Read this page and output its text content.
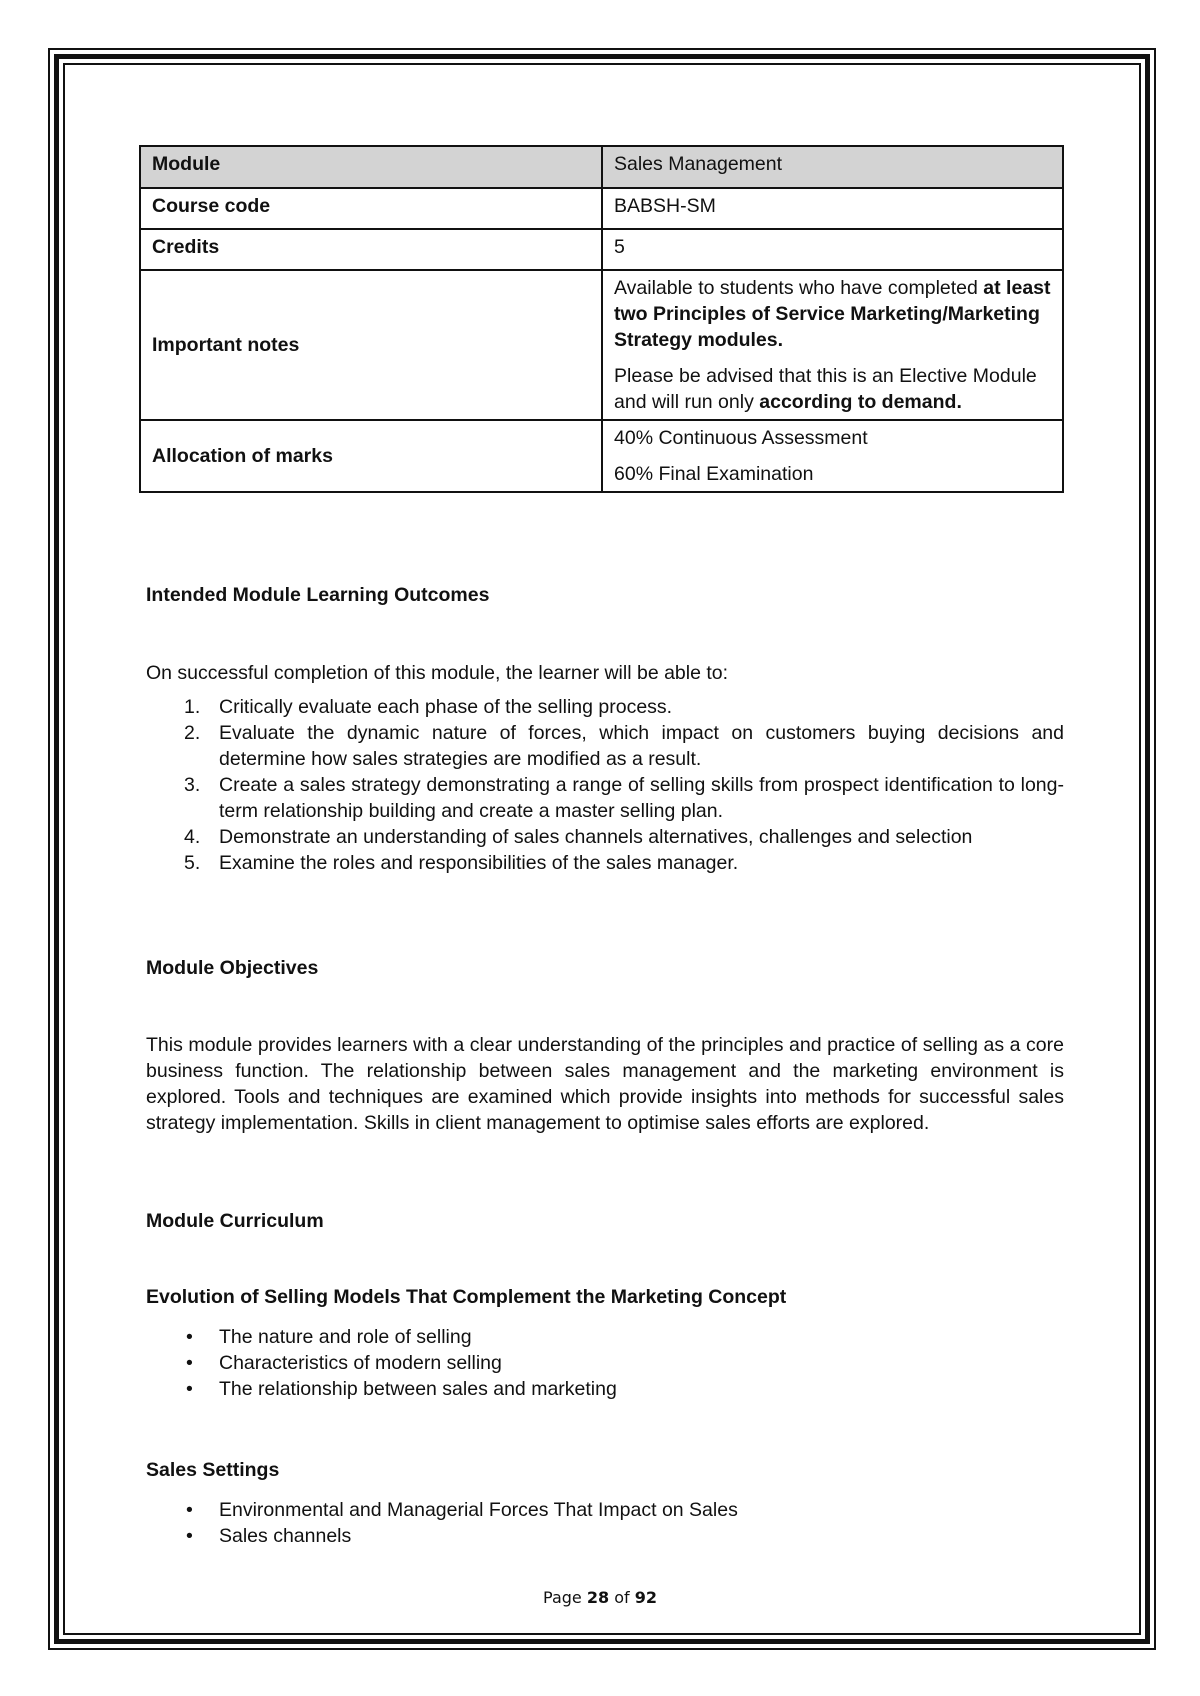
Module	Sales Management
Course code	BABSH-SM
Credits	5
Important notes	Available to students who have completed at least two Principles of Service Marketing/Marketing Strategy modules.

Please be advised that this is an Elective Module and will run only according to demand.

Allocation of marks	40% Continuous Assessment

60% Final Examination

Intended Module Learning Outcomes

On successful completion of this module, the learner will be able to:

1. Critically evaluate each phase of the selling process.
2. Evaluate the dynamic nature of forces, which impact on customers buying decisions and determine how sales strategies are modified as a result.
3. Create a sales strategy demonstrating a range of selling skills from prospect identification to long-term relationship building and create a master selling plan.
4. Demonstrate an understanding of sales channels alternatives, challenges and selection
5. Examine the roles and responsibilities of the sales manager.

Module Objectives

This module provides learners with a clear understanding of the principles and practice of selling as a core business function. The relationship between sales management and the marketing environment is explored. Tools and techniques are examined which provide insights into methods for successful sales strategy implementation. Skills in client management to optimise sales efforts are explored.

Module Curriculum

Evolution of Selling Models That Complement the Marketing Concept

• The nature and role of selling
• Characteristics of modern selling
• The relationship between sales and marketing

Sales Settings

• Environmental and Managerial Forces That Impact on Sales
• Sales channels
Page 28 of 92
